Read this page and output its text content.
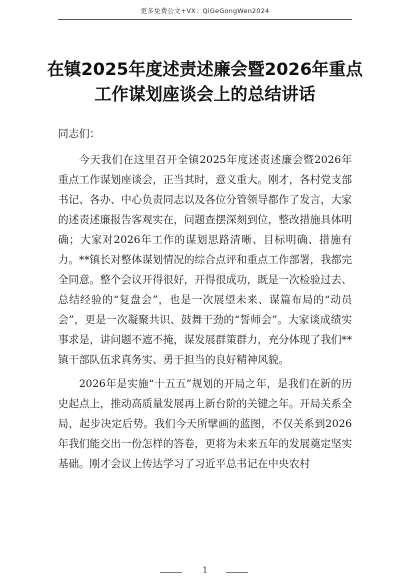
更多免费公文+VX：QiGeGongWen2024
在镇2025年度述责述廉会暨2026年重点
工作谋划座谈会上的总结讲话

同志们：

今天我们在这里召开全镇2025年度述责述廉会暨2026年重点工作谋划座谈会，正当其时，意义重大。刚才，各村党支部书记、各办、中心负责同志以及各位分管领导都作了发言，大家的述责述廉报告客观实在，问题查摆深刻到位，整改措施具体明确；大家对2026年工作的谋划思路清晰、目标明确、措施有力。**镇长对整体谋划情况的综合点评和重点工作部署，我都完全同意。整个会议开得很好，开得很成功，既是一次检验过去、总结经验的“复盘会”，也是一次展望未来、谋篇布局的“动员会”，更是一次凝聚共识、鼓舞干劲的“誓师会”。大家谈成绩实事求是，讲问题不遮不掩，谋发展群策群力，充分体现了我们**镇干部队伍求真务实、勇于担当的良好精神风貌。

2026年是实施“十五五”规划的开局之年，是我们在新的历史起点上，推动高质量发展再上新台阶的关键之年。开局关系全局，起步决定后势。我们今天所擘画的蓝图，不仅关系到2026年我们能交出一份怎样的答卷，更将为未来五年的发展奠定坚实基础。刚才会议上传达学习了习近平总书记在中央农村

1
